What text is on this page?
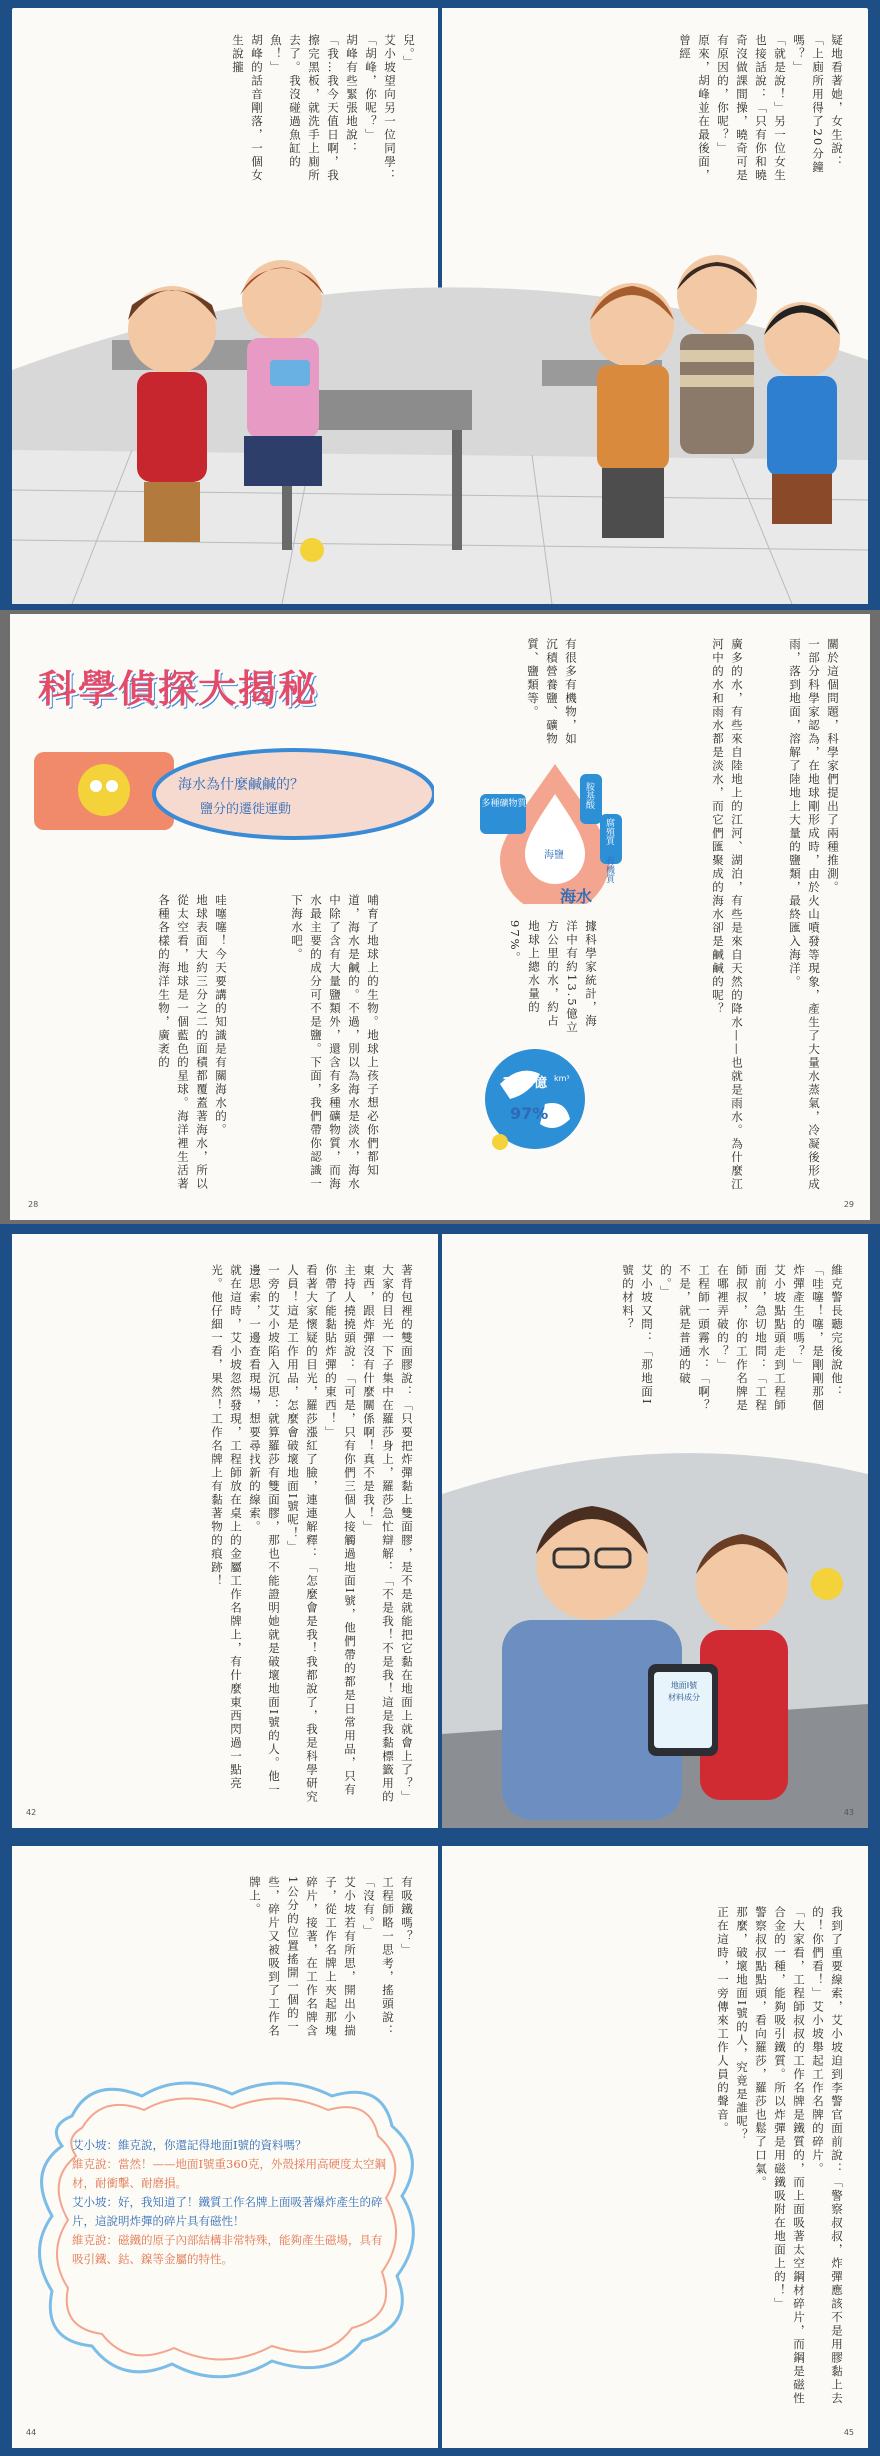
兒。」
艾小坡望向另一位同學：「胡峰，你呢？」
胡峰有些緊張地說：「我…我今天值日啊，我擦完黑板，就洗手上廁所去了。我沒碰過魚缸的魚！」
胡峰的話音剛落，一個女生說攏	疑地看著她，女生說：「上廁所用得了20分鐘嗎？」
「就是說！」另一位女生也接話說：「只有你和曉奇沒做課間操，曉奇可是有原因的，你呢？」
原來，胡峰並在最後面，曾經
科學偵探大揭秘
海水為什麼鹹鹹的？
鹽分的遷徙運動
哇噻噻！今天要講的知識是有關海水的。
地球表面大約三分之二的面積都覆蓋著海水，所以從太空看，地球是一個藍色的星球。海洋裡生活著各種各樣的海洋生物，廣袤的	哺育了地球上的生物。地球上孩子想必你們都知道，海水是鹹的。不過，別以為海水是淡水，海水中除了含有大量鹽類外，還含有多種礦物質，而海水最主要的成分可不是鹽。下面，我們帶你認識一下海水吧。
28
有很多有機物，如沉積營養鹽、礦物質、鹽類等。
海鹽
海水
多種礦物質	胺基酸
腐殖質
有機質
據科學家統計，海洋中有約13.5億立方公里的水，約占地球上總水量的97%。
13.5億 km³
97%	廣多的水，有些來自陸地上的江河、湖泊，有些是來自天然的降水——也就是雨水。為什麼江河中的水和雨水都是淡水，而它們匯聚成的海水卻是鹹鹹的呢？	關於這個問題，科學家們提出了兩種推測。
一部分科學家認為，在地球剛形成時，由於火山噴發等現象，產生了大量水蒸氣，冷凝後形成雨，落到地面，溶解了陸地上大量的鹽類，最終匯入海洋。
29
著背包裡的雙面膠說：「只要把炸彈黏上雙面膠，是不是就能把它黏在地面上就會上了？」
大家的目光一下子集中在羅莎身上，羅莎急忙辯解：「不是我！不是我！這是我黏標籤用的東西，跟炸彈沒有什麼關係啊！真不是我！」
主持人撓撓頭說：「可是，只有你們三個人接觸過地面I號，他們帶的都是日常用品，只有你帶了能黏貼炸彈的東西！」
看著大家懷疑的目光，羅莎漲紅了臉，連連解釋：「怎麼會是我！我都說了，我是科學研究人員！這是工作用品，怎麼會破壞地面I號呢！」
一旁的艾小坡陷入沉思：就算羅莎有雙面膠，那也不能證明她就是破壞地面I號的人。他一邊思索，一邊查看現場，想要尋找新的線索。
就在這時，艾小坡忽然發現，工程師放在桌上的金屬工作名牌上，有什麼東西閃過一點亮光。他仔細一看，果然！工作名牌上有黏著物的痕跡！
42
維克警長聽完後說他：「哇噻！噻，是剛剛那個炸彈產生的嗎？」
艾小坡點點頭走到工程師面前，急切地問：「工程師叔叔，你的工作名牌是在哪裡弄破的？」
工程師一頭霧水：「啊？不是，就是普通的破的。」
艾小坡又問：「那地面I號的材料？
43
地面I號
材料成分
有吸鐵嗎？」
工程師略一思考，搖頭說：「沒有。」
艾小坡若有所思，開出小揣子，從工作名牌上夾起那塊碎片，接著，在工作名牌含1公分的位置搖開一個的一些，碎片又被吸到了工作名牌上。
艾小坡：維克說，你還記得地面I號的資料嗎？
維克說：當然！——地面I號重360克，外殼採用高硬度太空鋼材，耐衝擊、耐磨損。
艾小坡：好，我知道了！鐵質工作名牌上面吸著爆炸產生的碎片，這說明炸彈的碎片具有磁性！
維克說：磁鐵的原子內部結構非常特殊，能夠產生磁場，具有吸引鐵、鈷、鎳等金屬的特性。
44
我到了重要線索，艾小坡迫到李警官面前說：「警察叔叔，炸彈應該不是用膠黏上去的！你們看！」艾小坡舉起工作名牌的碎片。
「大家看，工程師叔叔的工作名牌是鐵質的，而上面吸著太空鋼材碎片，而鋼是磁性合金的一種，能夠吸引鐵質。所以炸彈是用磁鐵吸附在地面上的！」
警察叔叔點點頭，看向羅莎，羅莎也鬆了口氣。
那麼，破壞地面I號的人，究竟是誰呢？
正在這時，一旁傳來工作人員的聲音。
45
